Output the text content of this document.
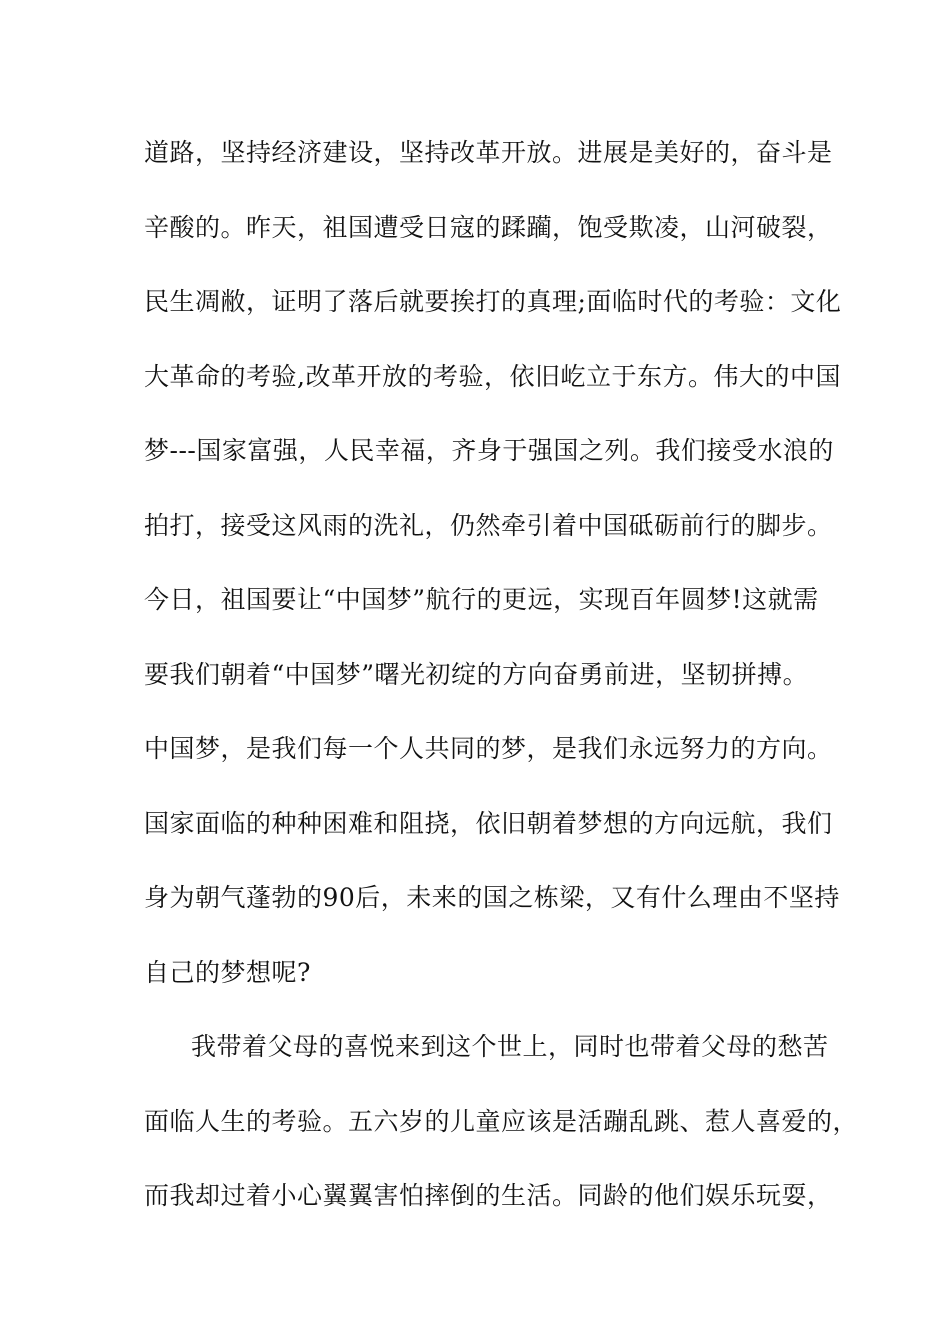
道路，坚持经济建设，坚持改革开放。进展是美好的，奋斗是
辛酸的。昨天，祖国遭受日寇的蹂躏，饱受欺凌，山河破裂，
民生凋敝，证明了落后就要挨打的真理;面临时代的考验：文化
大革命的考验,改革开放的考验，依旧屹立于东方。伟大的中国
梦---国家富强，人民幸福，齐身于强国之列。我们接受水浪的
拍打，接受这风雨的洗礼，仍然牵引着中国砥砺前行的脚步。
今日，祖国要让“中国梦”航行的更远，实现百年圆梦!这就需
要我们朝着“中国梦”曙光初绽的方向奋勇前进，坚韧拼搏。
中国梦，是我们每一个人共同的梦，是我们永远努力的方向。
国家面临的种种困难和阻挠，依旧朝着梦想的方向远航，我们
身为朝气蓬勃的90后，未来的国之栋梁，又有什么理由不坚持
自己的梦想呢?
我带着父母的喜悦来到这个世上，同时也带着父母的愁苦
面临人生的考验。五六岁的儿童应该是活蹦乱跳、惹人喜爱的，
而我却过着小心翼翼害怕摔倒的生活。同龄的他们娱乐玩耍，
